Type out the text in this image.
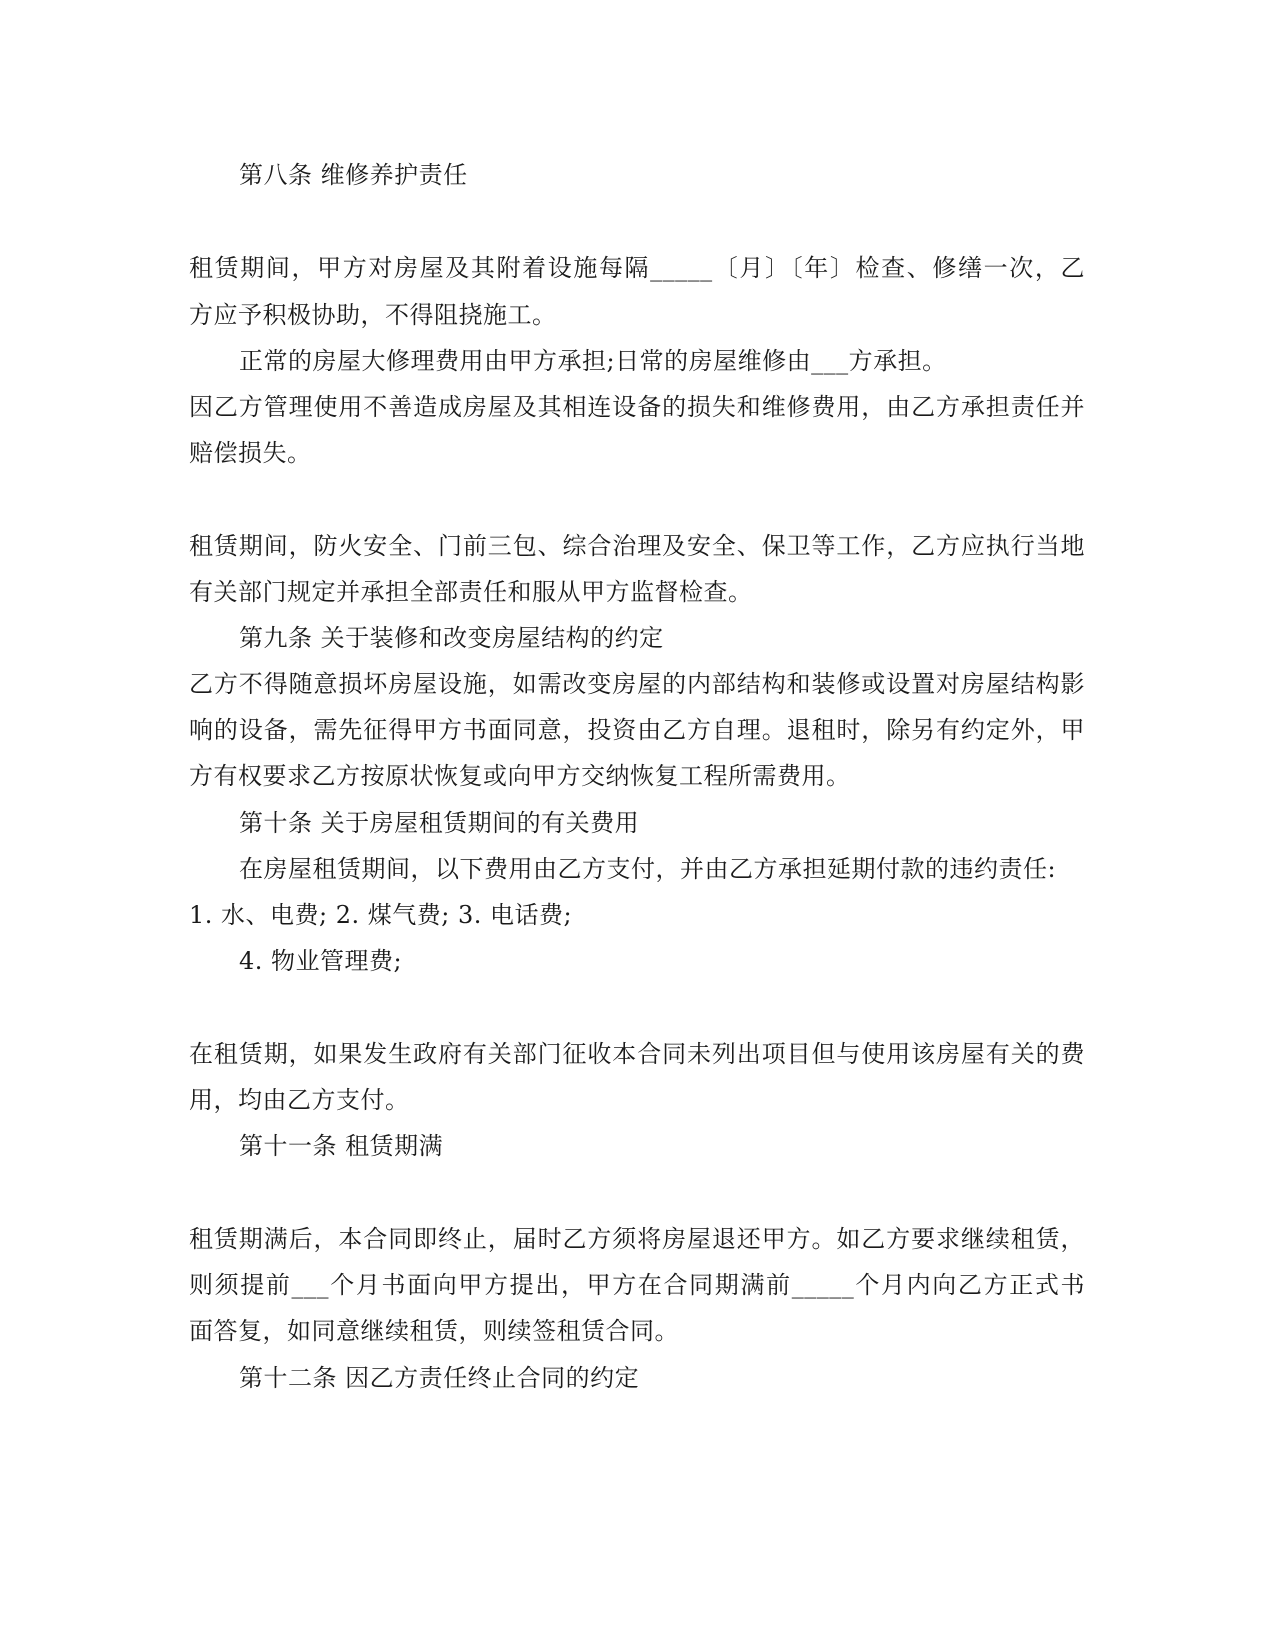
第八条 维修养护责任
租赁期间，甲方对房屋及其附着设施每隔_____〔月〕〔年〕检查、修缮一次，乙
方应予积极协助，不得阻挠施工。
正常的房屋大修理费用由甲方承担;日常的房屋维修由___方承担。
因乙方管理使用不善造成房屋及其相连设备的损失和维修费用，由乙方承担责任并
赔偿损失。
租赁期间，防火安全、门前三包、综合治理及安全、保卫等工作，乙方应执行当地
有关部门规定并承担全部责任和服从甲方监督检查。
第九条 关于装修和改变房屋结构的约定
乙方不得随意损坏房屋设施，如需改变房屋的内部结构和装修或设置对房屋结构影
响的设备，需先征得甲方书面同意，投资由乙方自理。退租时，除另有约定外，甲
方有权要求乙方按原状恢复或向甲方交纳恢复工程所需费用。
第十条 关于房屋租赁期间的有关费用
在房屋租赁期间，以下费用由乙方支付，并由乙方承担延期付款的违约责任:
1. 水、电费; 2. 煤气费; 3. 电话费;
4. 物业管理费;
在租赁期，如果发生政府有关部门征收本合同未列出项目但与使用该房屋有关的费
用，均由乙方支付。
第十一条 租赁期满
租赁期满后，本合同即终止，届时乙方须将房屋退还甲方。如乙方要求继续租赁，
则须提前___个月书面向甲方提出，甲方在合同期满前_____个月内向乙方正式书
面答复，如同意继续租赁，则续签租赁合同。
第十二条 因乙方责任终止合同的约定
